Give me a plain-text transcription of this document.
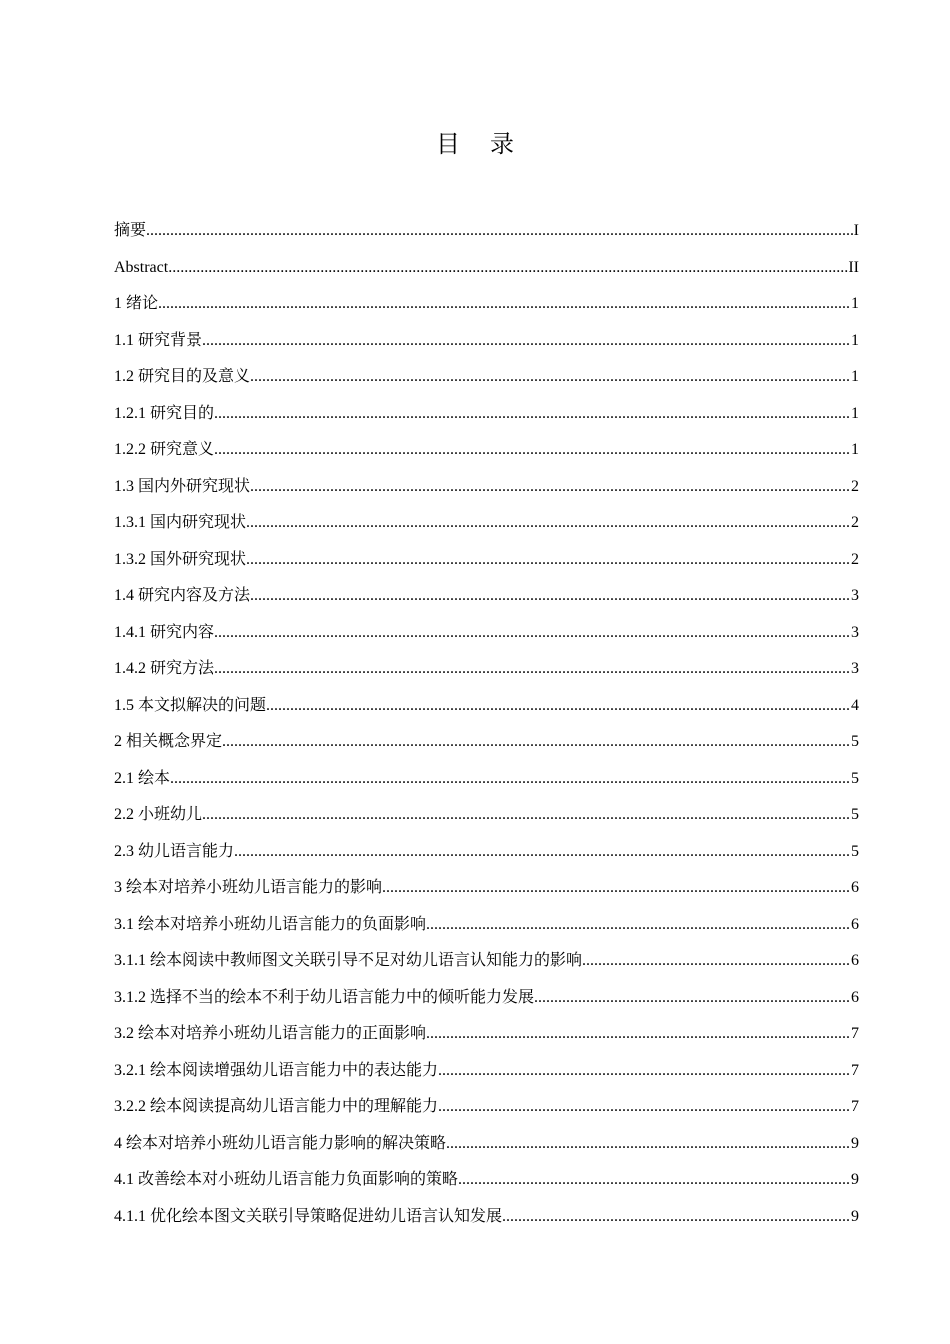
目录
摘要 .....	I
Abstract .....	II
1 绪论 .....	1
1.1 研究背景 .....	1
1.2 研究目的及意义 .....	1
1.2.1 研究目的 .....	1
1.2.2 研究意义 .....	1
1.3 国内外研究现状 .....	2
1.3.1 国内研究现状 .....	2
1.3.2 国外研究现状 .....	2
1.4 研究内容及方法 .....	3
1.4.1 研究内容 .....	3
1.4.2 研究方法 .....	3
1.5 本文拟解决的问题 .....	4
2 相关概念界定 .....	5
2.1 绘本 .....	5
2.2 小班幼儿 .....	5
2.3 幼儿语言能力 .....	5
3 绘本对培养小班幼儿语言能力的影响 .....	6
3.1 绘本对培养小班幼儿语言能力的负面影响 .....	6
3.1.1 绘本阅读中教师图文关联引导不足对幼儿语言认知能力的影响 .....	6
3.1.2 选择不当的绘本不利于幼儿语言能力中的倾听能力发展 .....	6
3.2 绘本对培养小班幼儿语言能力的正面影响 .....	7
3.2.1 绘本阅读增强幼儿语言能力中的表达能力 .....	7
3.2.2 绘本阅读提高幼儿语言能力中的理解能力 .....	7
4 绘本对培养小班幼儿语言能力影响的解决策略 .....	9
4.1 改善绘本对小班幼儿语言能力负面影响的策略 .....	9
4.1.1 优化绘本图文关联引导策略促进幼儿语言认知发展 .....	9
